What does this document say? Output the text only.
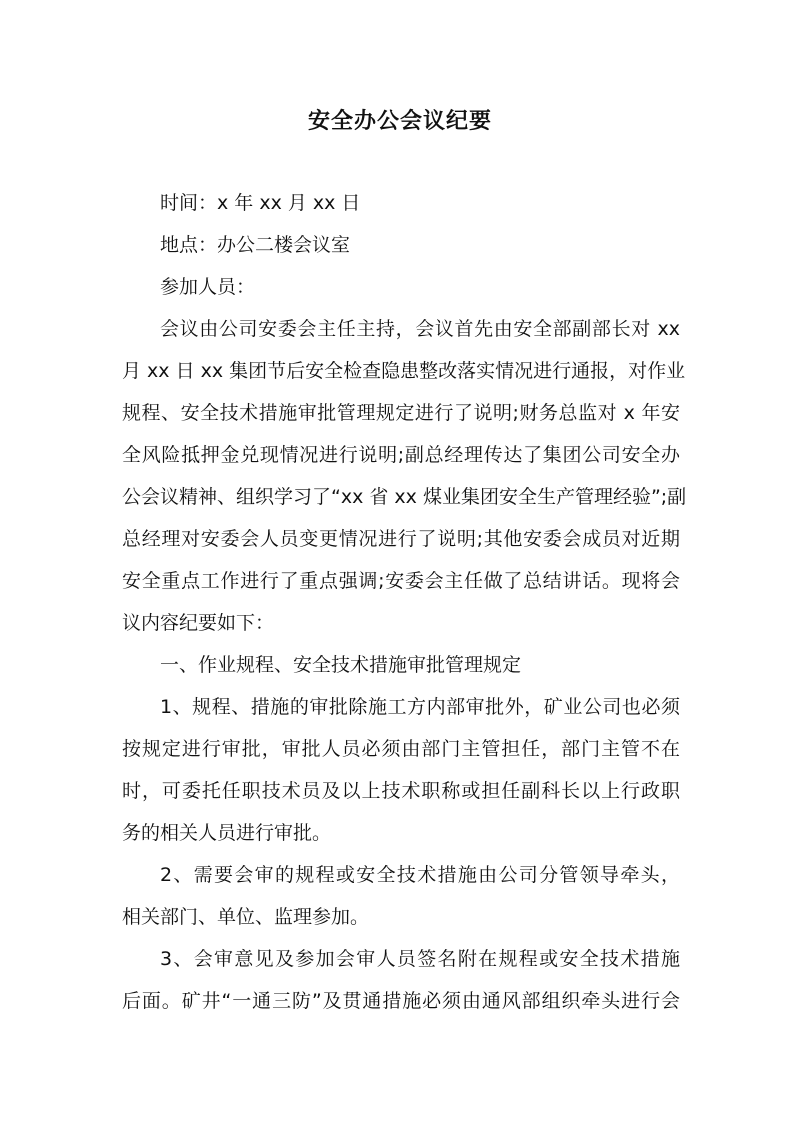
安全办公会议纪要
时间：x 年 xx 月 xx 日
地点：办公二楼会议室
参加人员：
会议由公司安委会主任主持，会议首先由安全部副部长对 xx
月 xx 日 xx 集团节后安全检查隐患整改落实情况进行通报，对作业
规程、安全技术措施审批管理规定进行了说明;财务总监对 x 年安
全风险抵押金兑现情况进行说明;副总经理传达了集团公司安全办
公会议精神、组织学习了“xx 省 xx 煤业集团安全生产管理经验”;副
总经理对安委会人员变更情况进行了说明;其他安委会成员对近期
安全重点工作进行了重点强调;安委会主任做了总结讲话。现将会
议内容纪要如下：
一、作业规程、安全技术措施审批管理规定
1、规程、措施的审批除施工方内部审批外，矿业公司也必须
按规定进行审批，审批人员必须由部门主管担任，部门主管不在
时，可委托任职技术员及以上技术职称或担任副科长以上行政职
务的相关人员进行审批。
2、需要会审的规程或安全技术措施由公司分管领导牵头，
相关部门、单位、监理参加。
3、会审意见及参加会审人员签名附在规程或安全技术措施
后面。矿井“一通三防”及贯通措施必须由通风部组织牵头进行会
